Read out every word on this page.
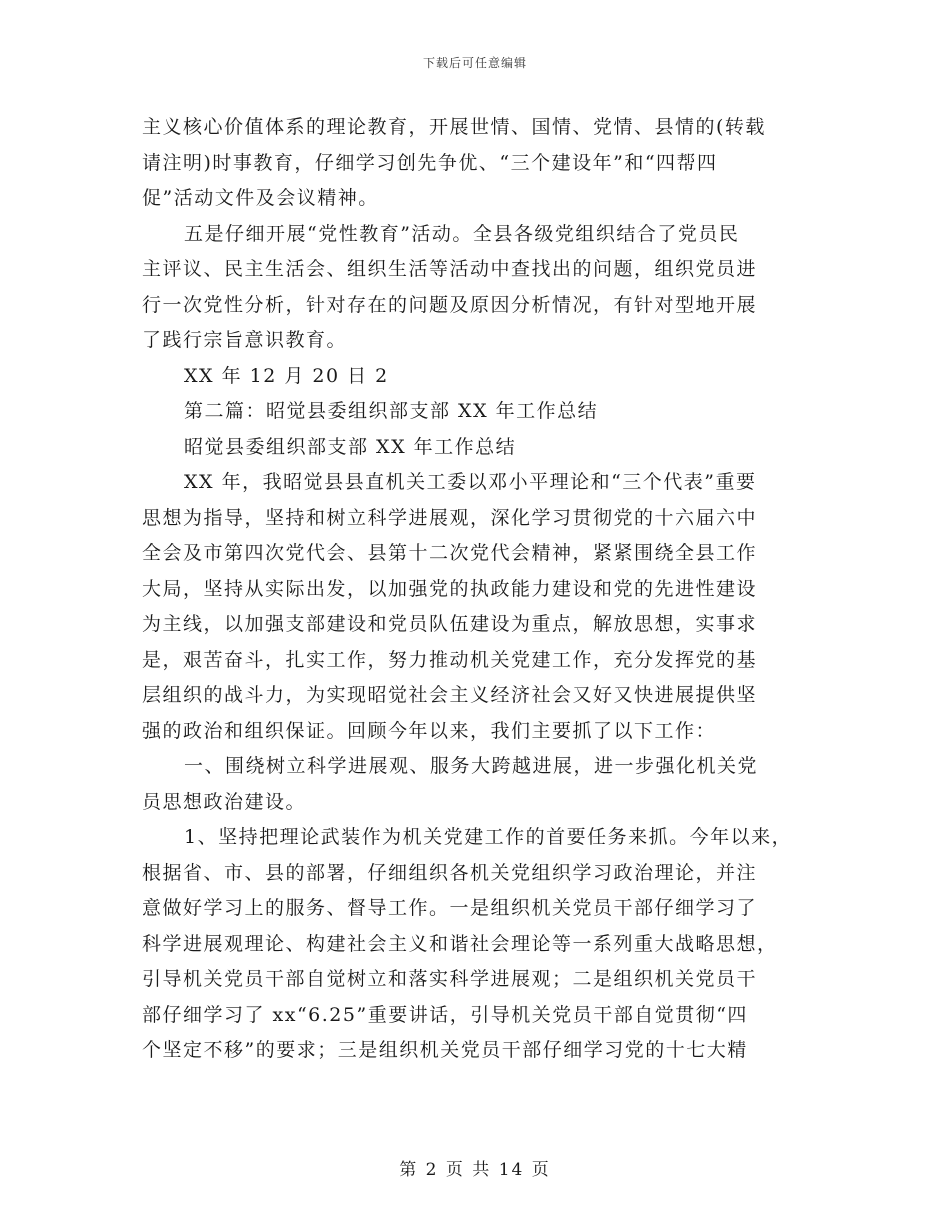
下载后可任意编辑
主义核心价值体系的理论教育，开展世情、国情、党情、县情的(转载
请注明)时事教育，仔细学习创先争优、“三个建设年”和“四帮四
促”活动文件及会议精神。
五是仔细开展“党性教育”活动。全县各级党组织结合了党员民
主评议、民主生活会、组织生活等活动中查找出的问题，组织党员进
行一次党性分析，针对存在的问题及原因分析情况，有针对型地开展
了践行宗旨意识教育。
XX 年 12 月 20 日 2
第二篇：昭觉县委组织部支部 XX 年工作总结
昭觉县委组织部支部 XX 年工作总结
XX 年，我昭觉县县直机关工委以邓小平理论和“三个代表”重要
思想为指导，坚持和树立科学进展观，深化学习贯彻党的十六届六中
全会及市第四次党代会、县第十二次党代会精神，紧紧围绕全县工作
大局，坚持从实际出发，以加强党的执政能力建设和党的先进性建设
为主线，以加强支部建设和党员队伍建设为重点，解放思想，实事求
是，艰苦奋斗，扎实工作，努力推动机关党建工作，充分发挥党的基
层组织的战斗力，为实现昭觉社会主义经济社会又好又快进展提供坚
强的政治和组织保证。回顾今年以来，我们主要抓了以下工作：
一、围绕树立科学进展观、服务大跨越进展，进一步强化机关党
员思想政治建设。
1、坚持把理论武装作为机关党建工作的首要任务来抓。今年以来，
根据省、市、县的部署，仔细组织各机关党组织学习政治理论，并注
意做好学习上的服务、督导工作。一是组织机关党员干部仔细学习了
科学进展观理论、构建社会主义和谐社会理论等一系列重大战略思想，
引导机关党员干部自觉树立和落实科学进展观；二是组织机关党员干
部仔细学习了 xx“6.25”重要讲话，引导机关党员干部自觉贯彻“四
个坚定不移”的要求；三是组织机关党员干部仔细学习党的十七大精
第 2 页 共 14 页
